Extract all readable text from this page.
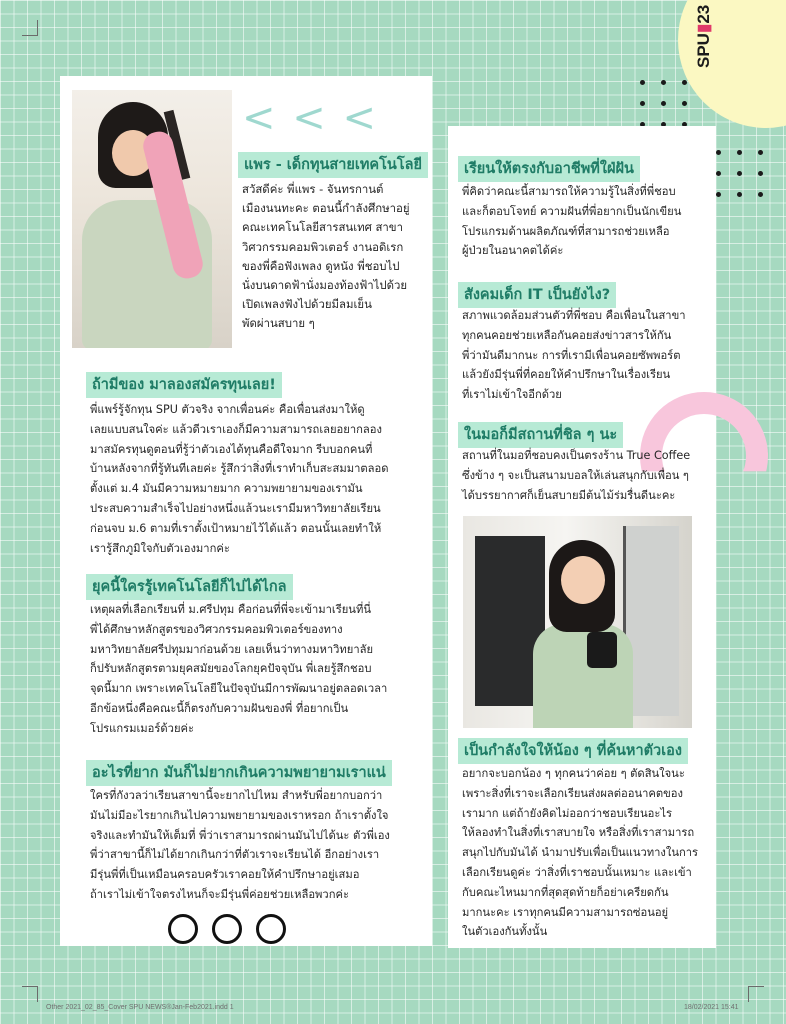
SPU▮23
< < <
แพร - เด็กทุนสายเทคโนโลยี

สวัสดีค่ะ พี่แพร - จันทรกานต์

เมืองนนทะคะ ตอนนี้กำลังศึกษาอยู่

คณะเทคโนโลยีสารสนเทศ สาขา

วิศวกรรมคอมพิวเตอร์ งานอดิเรก

ของพี่คือฟังเพลง ดูหนัง พี่ชอบไป

นั่งบนดาดฟ้านั่งมองท้องฟ้าไปด้วย

เปิดเพลงฟังไปด้วยมีลมเย็น

พัดผ่านสบาย ๆ

ถ้ามีของ มาลองสมัครทุนเลย!

พี่แพร์รู้จักทุน SPU ตัวจริง จากเพื่อนค่ะ คือเพื่อนส่งมาให้ดู

เลยแบบสนใจค่ะ แล้วดีวเราเองก็มีความสามารถเลยอยากลอง

มาสมัครทุนดูตอนที่รู้ว่าตัวเองได้ทุนคือดีใจมาก รีบบอกคนที่

บ้านหลังจากที่รู้ทันทีเลยค่ะ รู้สึกว่าสิ่งที่เราทำเก็บสะสมมาตลอด

ตั้งแต่ ม.4 มันมีความหมายมาก ความพยายามของเรามัน

ประสบความสำเร็จไปอย่างหนึ่งแล้วนะเรามีมหาวิทยาลัยเรียน

ก่อนจบ ม.6 ตามที่เราตั้งเป้าหมายไว้ได้แล้ว ตอนนั้นเลยทำให้

เรารู้สึกภูมิใจกับตัวเองมากค่ะ

ยุคนี้ใครรู้เทคโนโลยีก็ไปได้ไกล

เหตุผลที่เลือกเรียนที่ ม.ศรีปทุม คือก่อนที่พี่จะเข้ามาเรียนที่นี่

พี่ได้ศึกษาหลักสูตรของวิศวกรรมคอมพิวเตอร์ของทาง

มหาวิทยาลัยศรีปทุมมาก่อนด้วย เลยเห็นว่าทางมหาวิทยาลัย

ก็ปรับหลักสูตรตามยุคสมัยของโลกยุคปัจจุบัน พี่เลยรู้สึกชอบ

จุดนี้มาก เพราะเทคโนโลยีในปัจจุบันมีการพัฒนาอยู่ตลอดเวลา

อีกข้อหนึ่งคือคณะนี้ก็ตรงกับความฝันของพี่ ที่อยากเป็น

โปรแกรมเมอร์ด้วยค่ะ

อะไรที่ยาก มันก็ไม่ยากเกินความพยายามเราแน่

ใครที่กังวลว่าเรียนสาขานี้จะยากไปไหม สำหรับพี่อยากบอกว่า

มันไม่มีอะไรยากเกินไปความพยายามของเราหรอก ถ้าเราตั้งใจ

จริงและทำมันให้เต็มที่ พี่ว่าเราสามารถผ่านมันไปได้นะ ตัวพี่เอง

พี่ว่าสาขานี้ก็ไม่ได้ยากเกินกว่าที่ตัวเราจะเรียนได้ อีกอย่างเรา

มีรุ่นพี่ที่เป็นเหมือนครอบครัวเราคอยให้คำปรึกษาอยู่เสมอ

ถ้าเราไม่เข้าใจตรงไหนก็จะมีรุ่นพี่ค่อยช่วยเหลือพวกค่ะ

เรียนให้ตรงกับอาชีพที่ใฝ่ฝัน

พี่คิดว่าคณะนี้สามารถให้ความรู้ในสิ่งที่พี่ชอบ

และก็ตอบโจทย์ ความฝันที่พี่อยากเป็นนักเขียน

โปรแกรมด้านผลิตภัณฑ์ที่สามารถช่วยเหลือ

ผู้ป่วยในอนาคตได้ค่ะ

สังคมเด็ก IT เป็นยังไง?

สภาพแวดล้อมส่วนตัวที่พี่ชอบ คือเพื่อนในสาขา

ทุกคนคอยช่วยเหลือกันคอยส่งข่าวสารให้กัน

พี่ว่ามันดีมากนะ การที่เรามีเพื่อนคอยซัพพอร์ต

แล้วยังมีรุ่นพี่ที่คอยให้คำปรึกษาในเรื่องเรียน

ที่เราไม่เข้าใจอีกด้วย

ในมอก็มีสถานที่ชิล ๆ นะ

สถานที่ในมอที่ชอบคงเป็นตรงร้าน True Coffee

ซึ่งข้าง ๆ จะเป็นสนามบอลให้เล่นสนุกกับเพื่อน ๆ

ได้บรรยากาศก็เย็นสบายมีต้นไม้ร่มรื่นดีนะคะ

เป็นกำลังใจให้น้อง ๆ ที่ค้นหาตัวเอง

อยากจะบอกน้อง ๆ ทุกคนว่าค่อย ๆ ตัดสินใจนะ

เพราะสิ่งที่เราจะเลือกเรียนส่งผลต่ออนาคตของ

เรามาก แต่ถ้ายังคิดไม่ออกว่าชอบเรียนอะไร

ให้ลองทำในสิ่งที่เราสบายใจ หรือสิ่งที่เราสามารถ

สนุกไปกับมันได้ นำมาปรับเพื่อเป็นแนวทางในการ

เลือกเรียนดูค่ะ ว่าสิ่งที่เราชอบนั้นเหมาะ และเข้า

กับคณะไหนมากที่สุดสุดท้ายก็อย่าเครียดกัน

มากนะคะ เราทุกคนมีความสามารถซ่อนอยู่

ในตัวเองกันทั้งนั้น

Other 2021_02_85_Cover SPU NEWS®Jan-Feb2021.indd 1	18/02/2021 15:41
